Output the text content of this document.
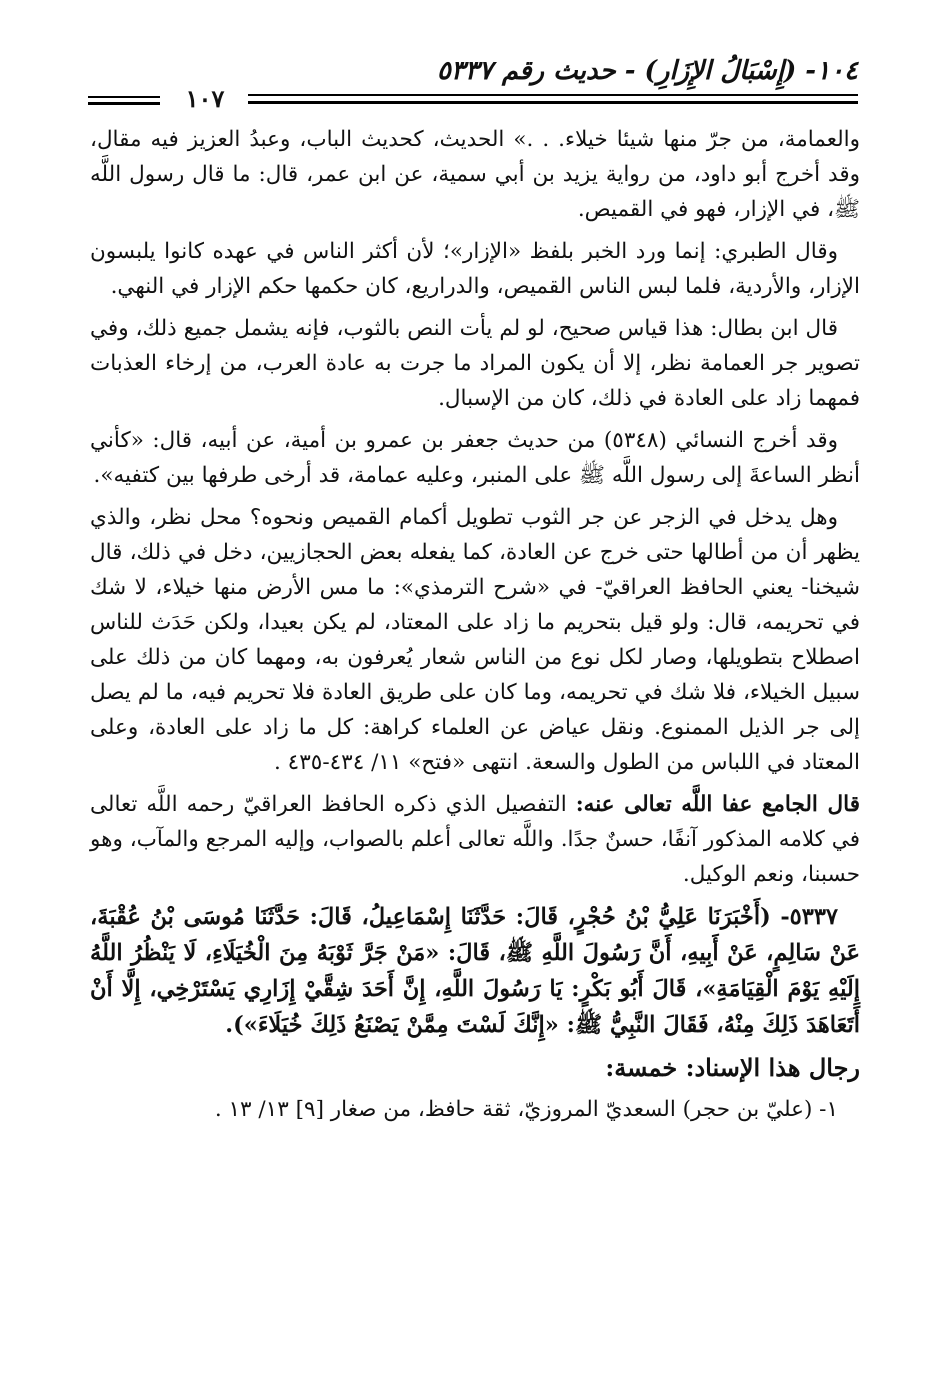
١٠٤- (إِسْبَالُ الإِزَارِ) - حديث رقم ٥٣٣٧
١٠٧

والعمامة، من جرّ منها شيئا خيلاء. . .» الحديث، كحديث الباب، وعبدُ العزيز فيه مقال، وقد أخرج أبو داود، من رواية يزيد بن أبي سمية، عن ابن عمر، قال: ما قال رسول اللَّه ﷺ، في الإزار، فهو في القميص.

وقال الطبري: إنما ورد الخبر بلفظ «الإزار»؛ لأن أكثر الناس في عهده كانوا يلبسون الإزار، والأردية، فلما لبس الناس القميص، والدراريع، كان حكمها حكم الإزار في النهي.

قال ابن بطال: هذا قياس صحيح، لو لم يأت النص بالثوب، فإنه يشمل جميع ذلك، وفي تصوير جر العمامة نظر، إلا أن يكون المراد ما جرت به عادة العرب، من إرخاء العذبات فمهما زاد على العادة في ذلك، كان من الإسبال.

وقد أخرج النسائي (٥٣٤٨) من حديث جعفر بن عمرو بن أمية، عن أبيه، قال: «كأني أنظر الساعةَ إلى رسول اللَّه ﷺ على المنبر، وعليه عمامة، قد أرخى طرفها بين كتفيه».

وهل يدخل في الزجر عن جر الثوب تطويل أكمام القميص ونحوه؟ محل نظر، والذي يظهر أن من أطالها حتى خرج عن العادة، كما يفعله بعض الحجازيين، دخل في ذلك، قال شيخنا- يعني الحافظ العراقيّ- في «شرح الترمذي»: ما مس الأرض منها خيلاء، لا شك في تحريمه، قال: ولو قيل بتحريم ما زاد على المعتاد، لم يكن بعيدا، ولكن حَدَث للناس اصطلاح بتطويلها، وصار لكل نوع من الناس شعار يُعرفون به، ومهما كان من ذلك على سبيل الخيلاء، فلا شك في تحريمه، وما كان على طريق العادة فلا تحريم فيه، ما لم يصل إلى جر الذيل الممنوع. ونقل عياض عن العلماء كراهة: كل ما زاد على العادة، وعلى المعتاد في اللباس من الطول والسعة. انتهى «فتح» ١١/ ٤٣٤-٤٣٥ .

قال الجامع عفا اللَّه تعالى عنه: التفصيل الذي ذكره الحافظ العراقيّ رحمه اللَّه تعالى في كلامه المذكور آنفًا، حسنٌ جدًا. واللَّه تعالى أعلم بالصواب، وإليه المرجع والمآب، وهو حسبنا، ونعم الوكيل.

٥٣٣٧- (أَخْبَرَنَا عَلِيُّ بْنُ حُجْرٍ، قَالَ: حَدَّثَنَا إِسْمَاعِيلُ، قَالَ: حَدَّثَنَا مُوسَى بْنُ عُقْبَةَ، عَنْ سَالِمٍ، عَنْ أَبِيهِ، أَنَّ رَسُولَ اللَّهِ ﷺ، قَالَ: «مَنْ جَرَّ ثَوْبَهُ مِنَ الْخُيَلَاءِ، لَا يَنْظُرُ اللَّهُ إِلَيْهِ يَوْمَ الْقِيَامَةِ»، قَالَ أَبُو بَكْرٍ: يَا رَسُولَ اللَّهِ، إِنَّ أَحَدَ شِقَّيْ إِزَارِي يَسْتَرْخِي، إِلَّا أَنْ أَتَعَاهَدَ ذَلِكَ مِنْهُ، فَقَالَ النَّبِيُّ ﷺ: «إِنَّكَ لَسْتَ مِمَّنْ يَصْنَعُ ذَلِكَ خُيَلَاءَ»).

رجال هذا الإسناد: خمسة:

١- (عليّ بن حجر) السعديّ المروزيّ، ثقة حافظ، من صغار [٩] ١٣/ ١٣ .
